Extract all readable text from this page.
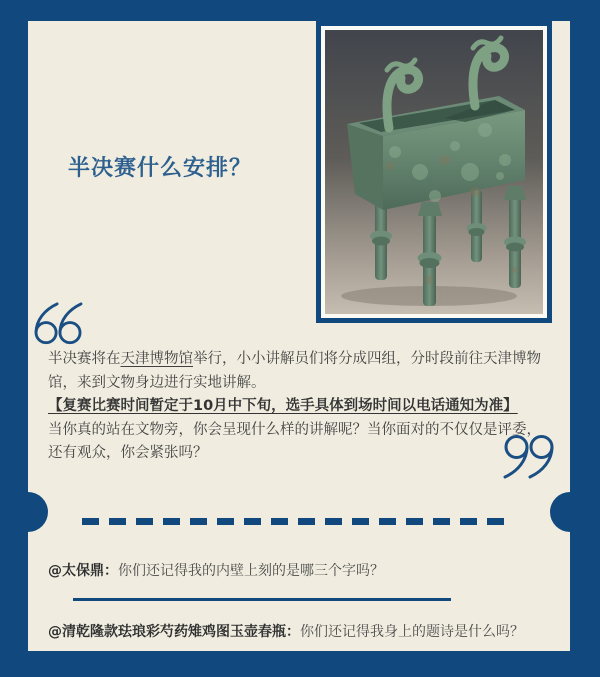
半决赛什么安排？

半决赛将在天津博物馆举行，小小讲解员们将分成四组，分时段前往天津博物馆，来到文物身边进行实地讲解。

【复赛比赛时间暂定于10月中下旬，选手具体到场时间以电话通知为准】

当你真的站在文物旁，你会呈现什么样的讲解呢？当你面对的不仅仅是评委，还有观众，你会紧张吗？

@太保鼎：你们还记得我的内壁上刻的是哪三个字吗？
@清乾隆款珐琅彩芍药雉鸡图玉壶春瓶：你们还记得我身上的题诗是什么吗？
